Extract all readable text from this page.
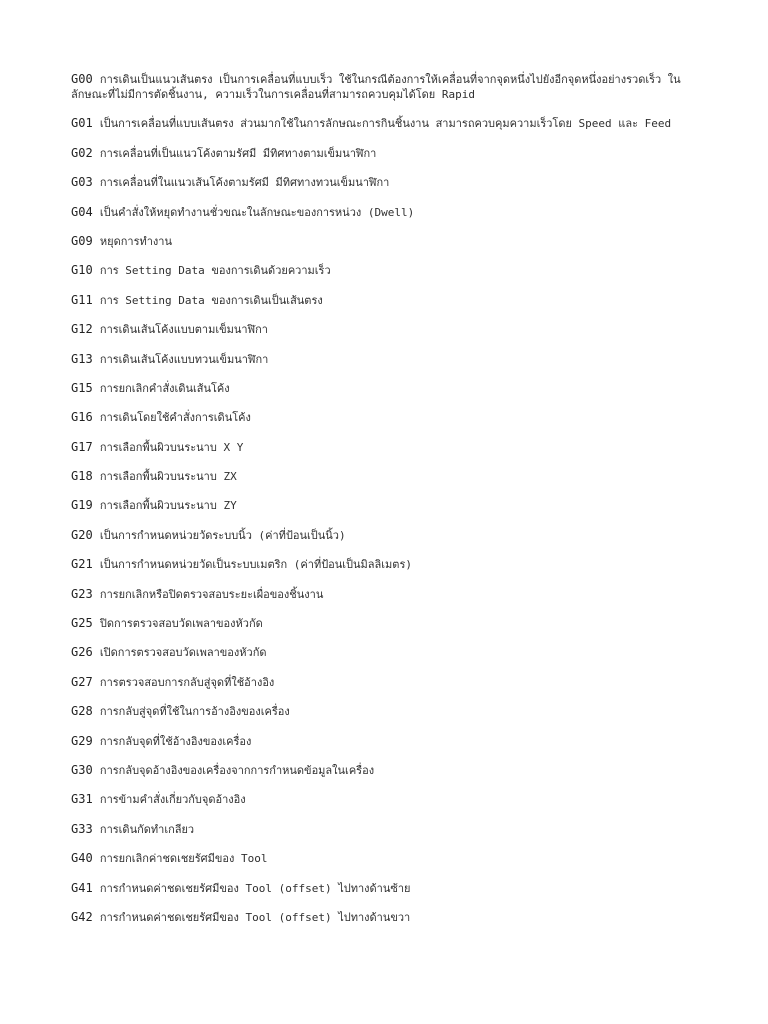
G00 การเดินเป็นแนวเส้นตรง เป็นการเคลื่อนที่แบบเร็ว ใช้ในกรณีต้องการให้เคลื่อนที่จากจุดหนึ่งไปยังอีกจุดหนึ่งอย่างรวดเร็ว ในลักษณะที่ไม่มีการตัดชิ้นงาน, ความเร็วในการเคลื่อนที่สามารถควบคุมได้โดย Rapid
G01 เป็นการเคลื่อนที่แบบเส้นตรง ส่วนมากใช้ในการลักษณะการกินชิ้นงาน สามารถควบคุมความเร็วโดย Speed และ Feed
G02 การเคลื่อนที่เป็นแนวโค้งตามรัศมี มีทิศทางตามเข็มนาฬิกา
G03 การเคลื่อนที่ในแนวเส้นโค้งตามรัศมี มีทิศทางทวนเข็มนาฬิกา
G04 เป็นคำสั่งให้หยุดทำงานชั่วขณะในลักษณะของการหน่วง (Dwell)
G09 หยุดการทำงาน
G10 การ Setting Data ของการเดินด้วยความเร็ว
G11 การ Setting Data ของการเดินเป็นเส้นตรง
G12 การเดินเส้นโค้งแบบตามเข็มนาฬิกา
G13 การเดินเส้นโค้งแบบทวนเข็มนาฬิกา
G15 การยกเลิกคำสั่งเดินเส้นโค้ง
G16 การเดินโดยใช้คำสั่งการเดินโค้ง
G17 การเลือกพื้นผิวบนระนาบ X Y
G18 การเลือกพื้นผิวบนระนาบ ZX
G19 การเลือกพื้นผิวบนระนาบ ZY
G20 เป็นการกำหนดหน่วยวัดระบบนิ้ว (ค่าที่ป้อนเป็นนิ้ว)
G21 เป็นการกำหนดหน่วยวัดเป็นระบบเมตริก (ค่าที่ป้อนเป็นมิลลิเมตร)
G23 การยกเลิกหรือปิดตรวจสอบระยะเผื่อของชิ้นงาน
G25 ปิดการตรวจสอบวัดเพลาของหัวกัด
G26 เปิดการตรวจสอบวัดเพลาของหัวกัด
G27 การตรวจสอบการกลับสู่จุดที่ใช้อ้างอิง
G28 การกลับสู่จุดที่ใช้ในการอ้างอิงของเครื่อง
G29 การกลับจุดที่ใช้อ้างอิงของเครื่อง
G30 การกลับจุดอ้างอิงของเครื่องจากการกำหนดข้อมูลในเครื่อง
G31 การข้ามคำสั่งเกี่ยวกับจุดอ้างอิง
G33 การเดินกัดทำเกลียว
G40 การยกเลิกค่าชดเชยรัศมีของ Tool
G41 การกำหนดค่าชดเชยรัศมีของ Tool (offset) ไปทางด้านซ้าย
G42 การกำหนดค่าชดเชยรัศมีของ Tool (offset) ไปทางด้านขวา
